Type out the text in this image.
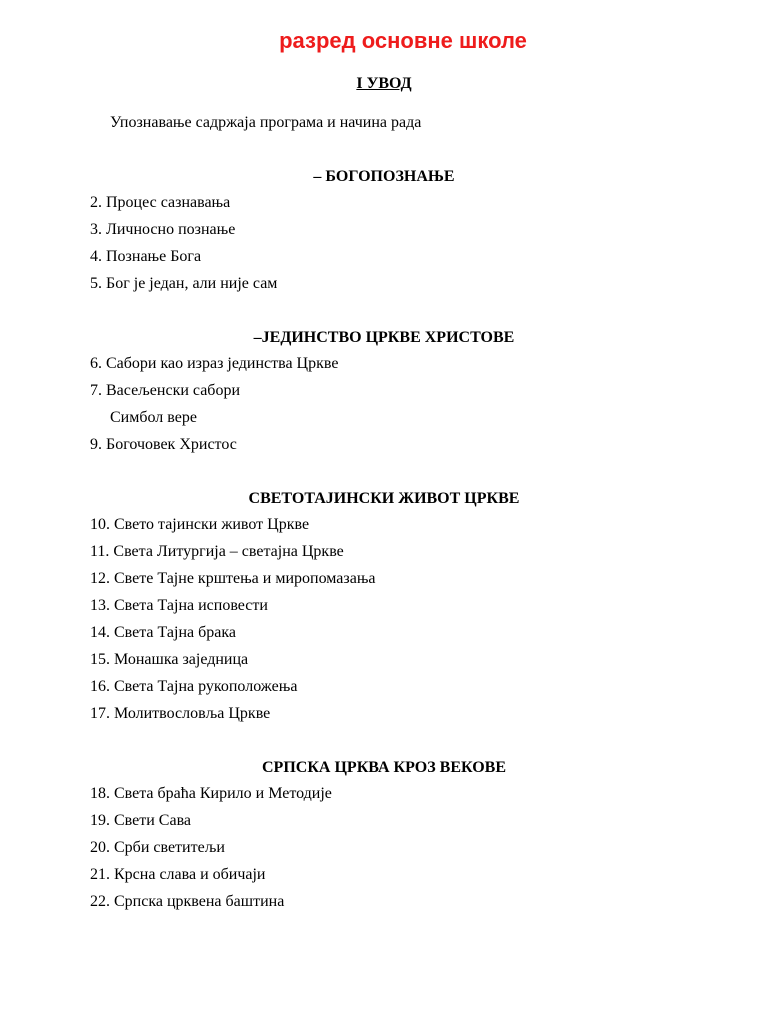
разред основне школе
I УВОД
Упознавање садржаја програма и начина рада
– БОГОПОЗНАЊЕ
2. Процес сазнавања
3. Личносно познање
4. Познање Бога
5. Бог је један, али није сам
–ЈЕДИНСТВО ЦРКВЕ ХРИСТОВЕ
6. Сабори као израз јединства Цркве
7. Васељенски сабори
Симбол вере
9. Богочовек Христос
СВЕТОТАЈИНСКИ ЖИВОТ ЦРКВЕ
10. Свето тајински живот Цркве
11. Света Литургија – светајна Цркве
12. Свете Тајне крштења и миропомазања
13. Света Тајна исповести
14. Света Тајна брака
15. Монашка заједница
16. Света Тајна рукоположења
17. Молитвословља Цркве
СРПСКА ЦРКВА КРОЗ ВЕКОВЕ
18. Света браћа Кирило и Методије
19. Свети Сава
20. Срби светитељи
21. Крсна слава и обичаји
22. Српска црквена баштина
